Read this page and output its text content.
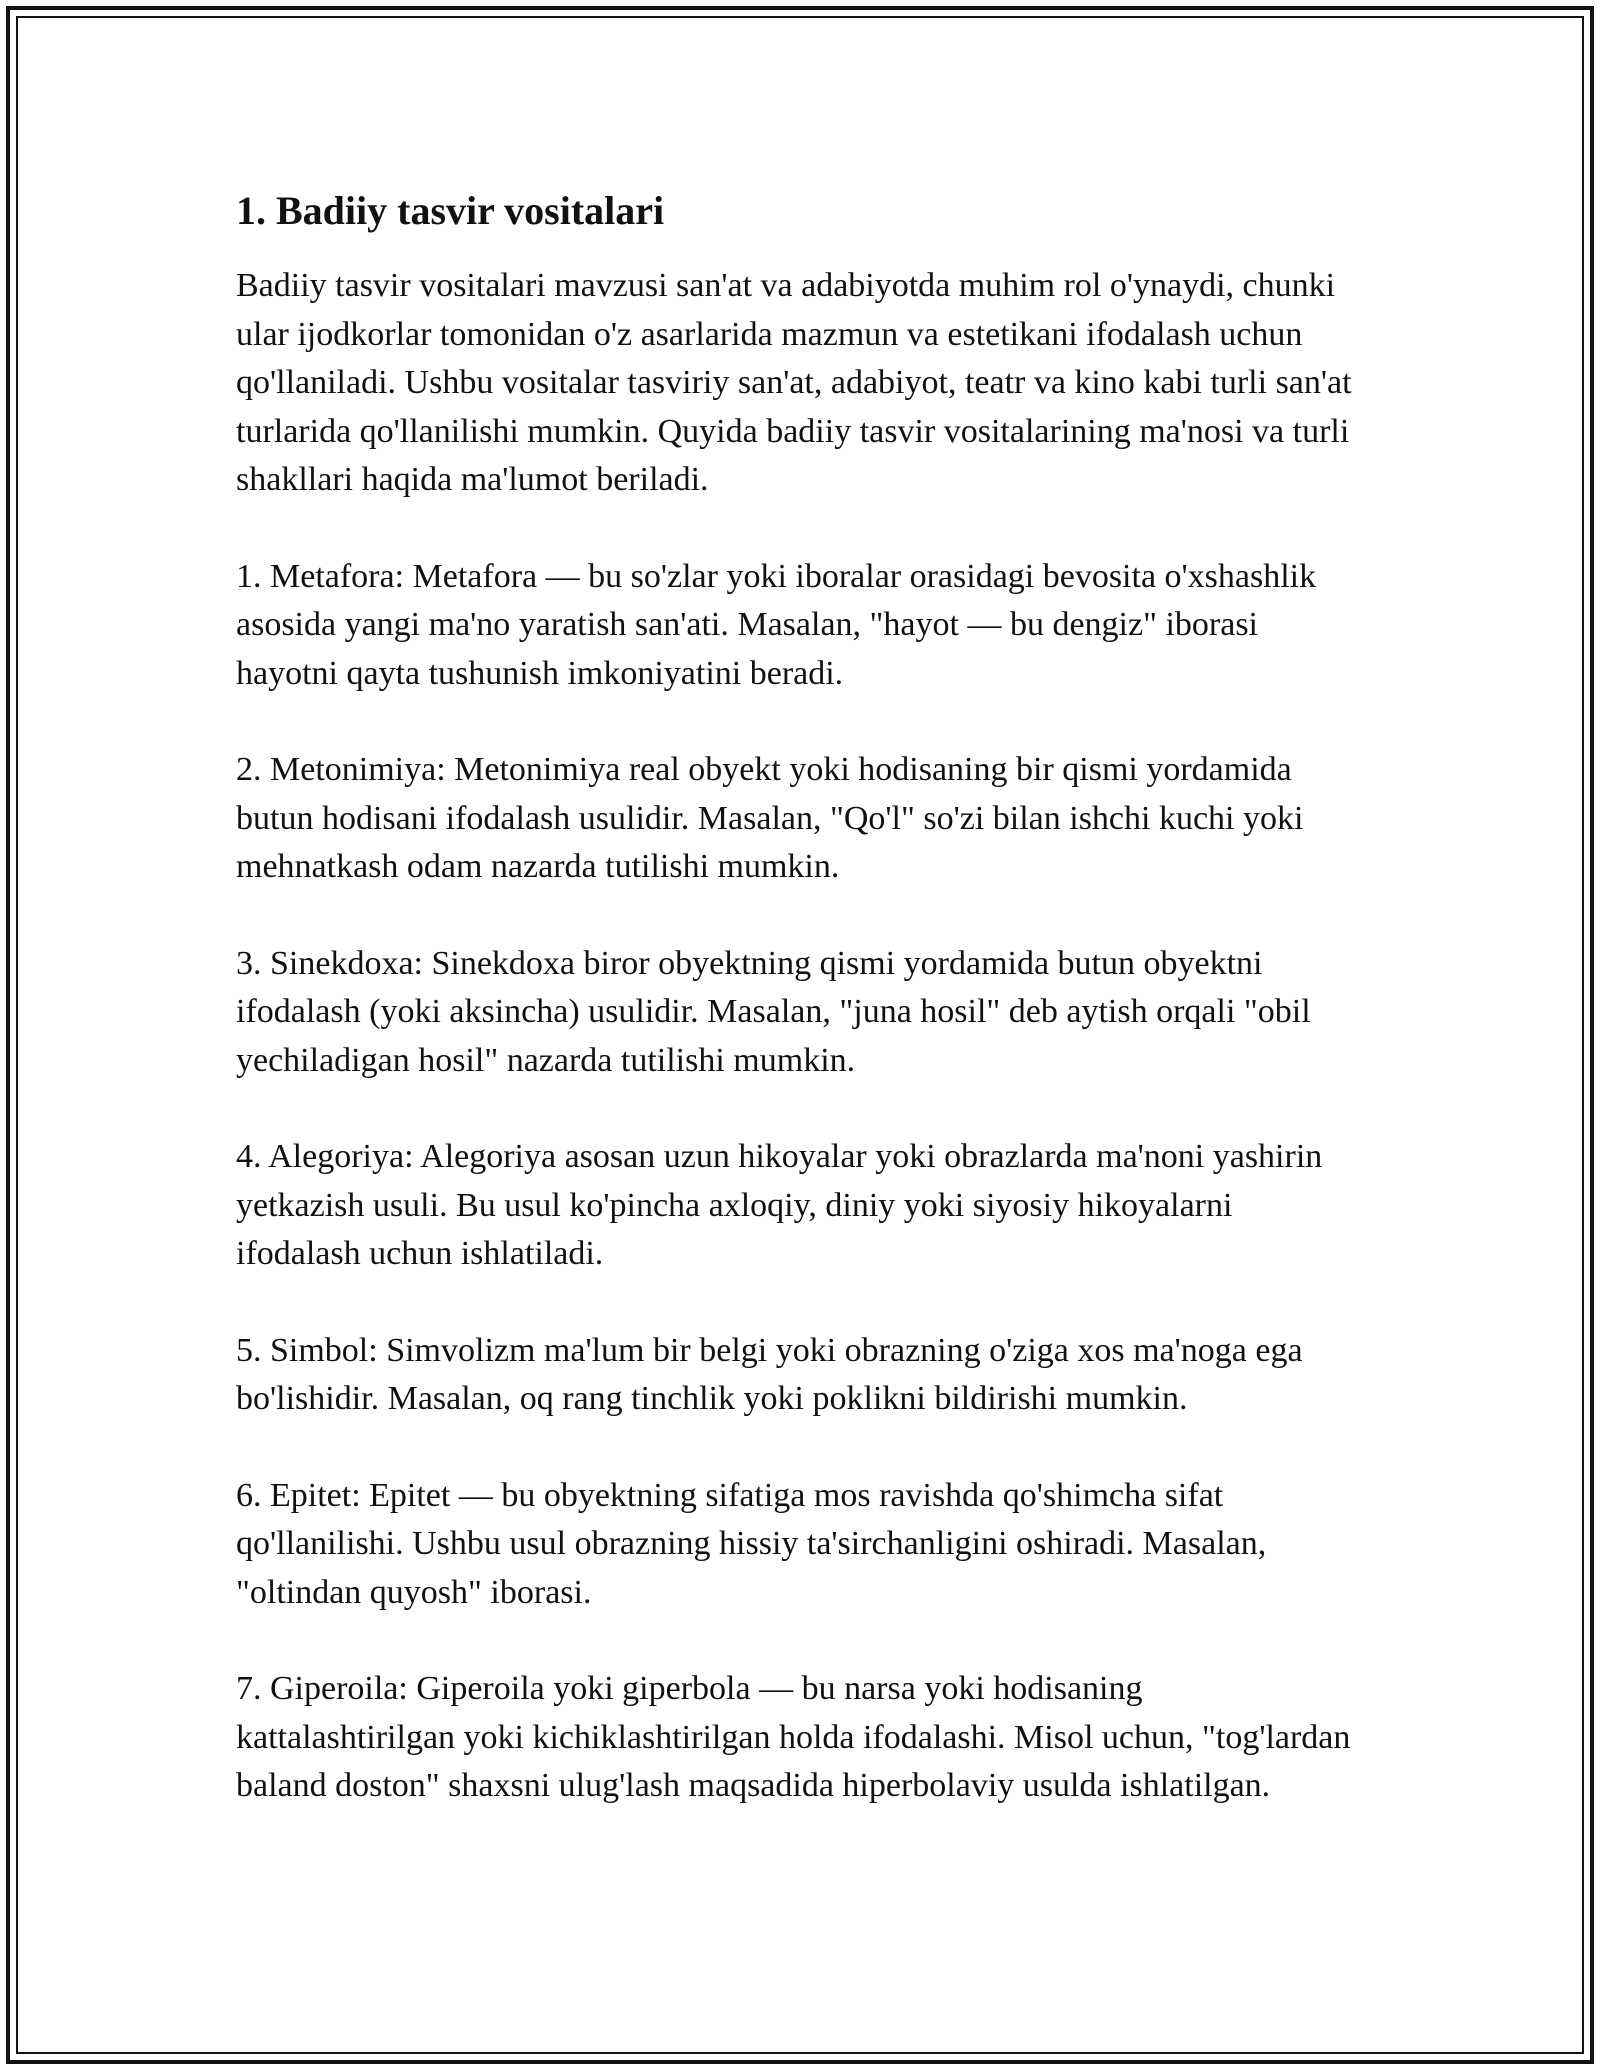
1. Badiiy tasvir vositalari

Badiiy tasvir vositalari mavzusi san'at va adabiyotda muhim rol o'ynaydi, chunki ular ijodkorlar tomonidan o'z asarlarida mazmun va estetikani ifodalash uchun qo'llaniladi. Ushbu vositalar tasviriy san'at, adabiyot, teatr va kino kabi turli san'at turlarida qo'llanilishi mumkin. Quyida badiiy tasvir vositalarining ma'nosi va turli shakllari haqida ma'lumot beriladi.

1. Metafora: Metafora — bu so'zlar yoki iboralar orasidagi bevosita o'xshashlik asosida yangi ma'no yaratish san'ati. Masalan, "hayot — bu dengiz" iborasi hayotni qayta tushunish imkoniyatini beradi.

2. Metonimiya: Metonimiya real obyekt yoki hodisaning bir qismi yordamida butun hodisani ifodalash usulidir. Masalan, "Qo'l" so'zi bilan ishchi kuchi yoki mehnatkash odam nazarda tutilishi mumkin.

3. Sinekdoxa: Sinekdoxa biror obyektning qismi yordamida butun obyektni ifodalash (yoki aksincha) usulidir. Masalan, "juna hosil" deb aytish orqali "obil yechiladigan hosil" nazarda tutilishi mumkin.

4. Alegoriya: Alegoriya asosan uzun hikoyalar yoki obrazlarda ma'noni yashirin yetkazish usuli. Bu usul ko'pincha axloqiy, diniy yoki siyosiy hikoyalarni ifodalash uchun ishlatiladi.

5. Simbol: Simvolizm ma'lum bir belgi yoki obrazning o'ziga xos ma'noga ega bo'lishidir. Masalan, oq rang tinchlik yoki poklikni bildirishi mumkin.

6. Epitet: Epitet — bu obyektning sifatiga mos ravishda qo'shimcha sifat qo'llanilishi. Ushbu usul obrazning hissiy ta'sirchanligini oshiradi. Masalan, "oltindan quyosh" iborasi.

7. Giperoila: Giperoila yoki giperbola — bu narsa yoki hodisaning kattalashtirilgan yoki kichiklashtirilgan holda ifodalashi. Misol uchun, "tog'lardan baland doston" shaxsni ulug'lash maqsadida hiperbolaviy usulda ishlatilgan.
